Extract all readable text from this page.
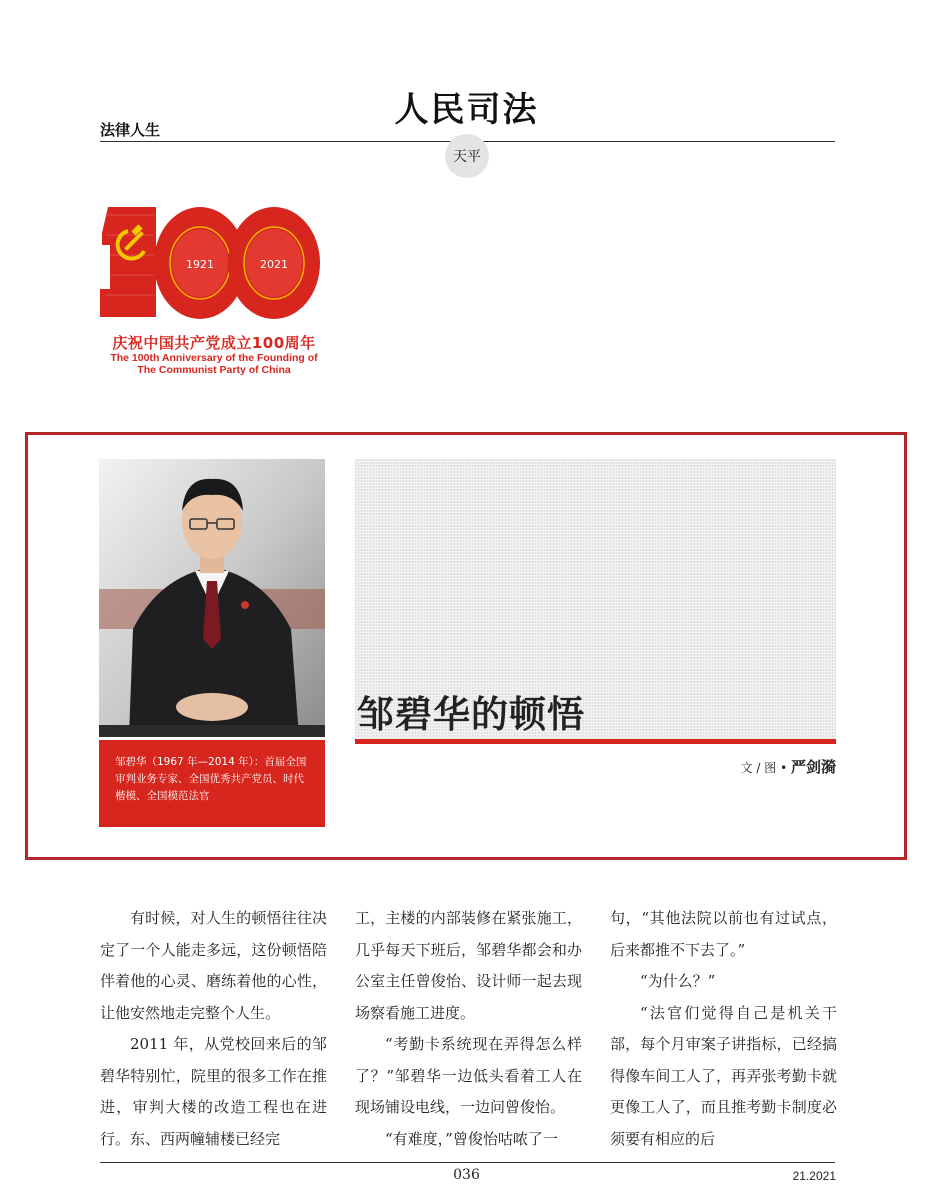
人民司法
法律人生
天平
1921	2021
庆祝中国共产党成立100周年
The 100th Anniversary of the Founding of
The Communist Party of China
邹碧华（1967 年—2014 年）：首届全国审判业务专家、全国优秀共产党员、时代楷模、全国模范法官
邹碧华的顿悟
文 / 图 • 严剑漪

有时候，对人生的顿悟往往决定了一个人能走多远，这份顿悟陪伴着他的心灵、磨练着他的心性，让他安然地走完整个人生。

2011 年，从党校回来后的邹碧华特别忙，院里的很多工作在推进，审判大楼的改造工程也在进行。东、西两幢辅楼已经完

工，主楼的内部装修在紧张施工，几乎每天下班后，邹碧华都会和办公室主任曾俊怡、设计师一起去现场察看施工进度。

“考勤卡系统现在弄得怎么样了？”邹碧华一边低头看着工人在现场铺设电线，一边问曾俊怡。

“有难度，”曾俊怡咕哝了一

句，“其他法院以前也有过试点，后来都推不下去了。”

“为什么？”

“法官们觉得自己是机关干部，每个月审案子讲指标，已经搞得像车间工人了，再弄张考勤卡就更像工人了，而且推考勤卡制度必须要有相应的后

036	21.2021
